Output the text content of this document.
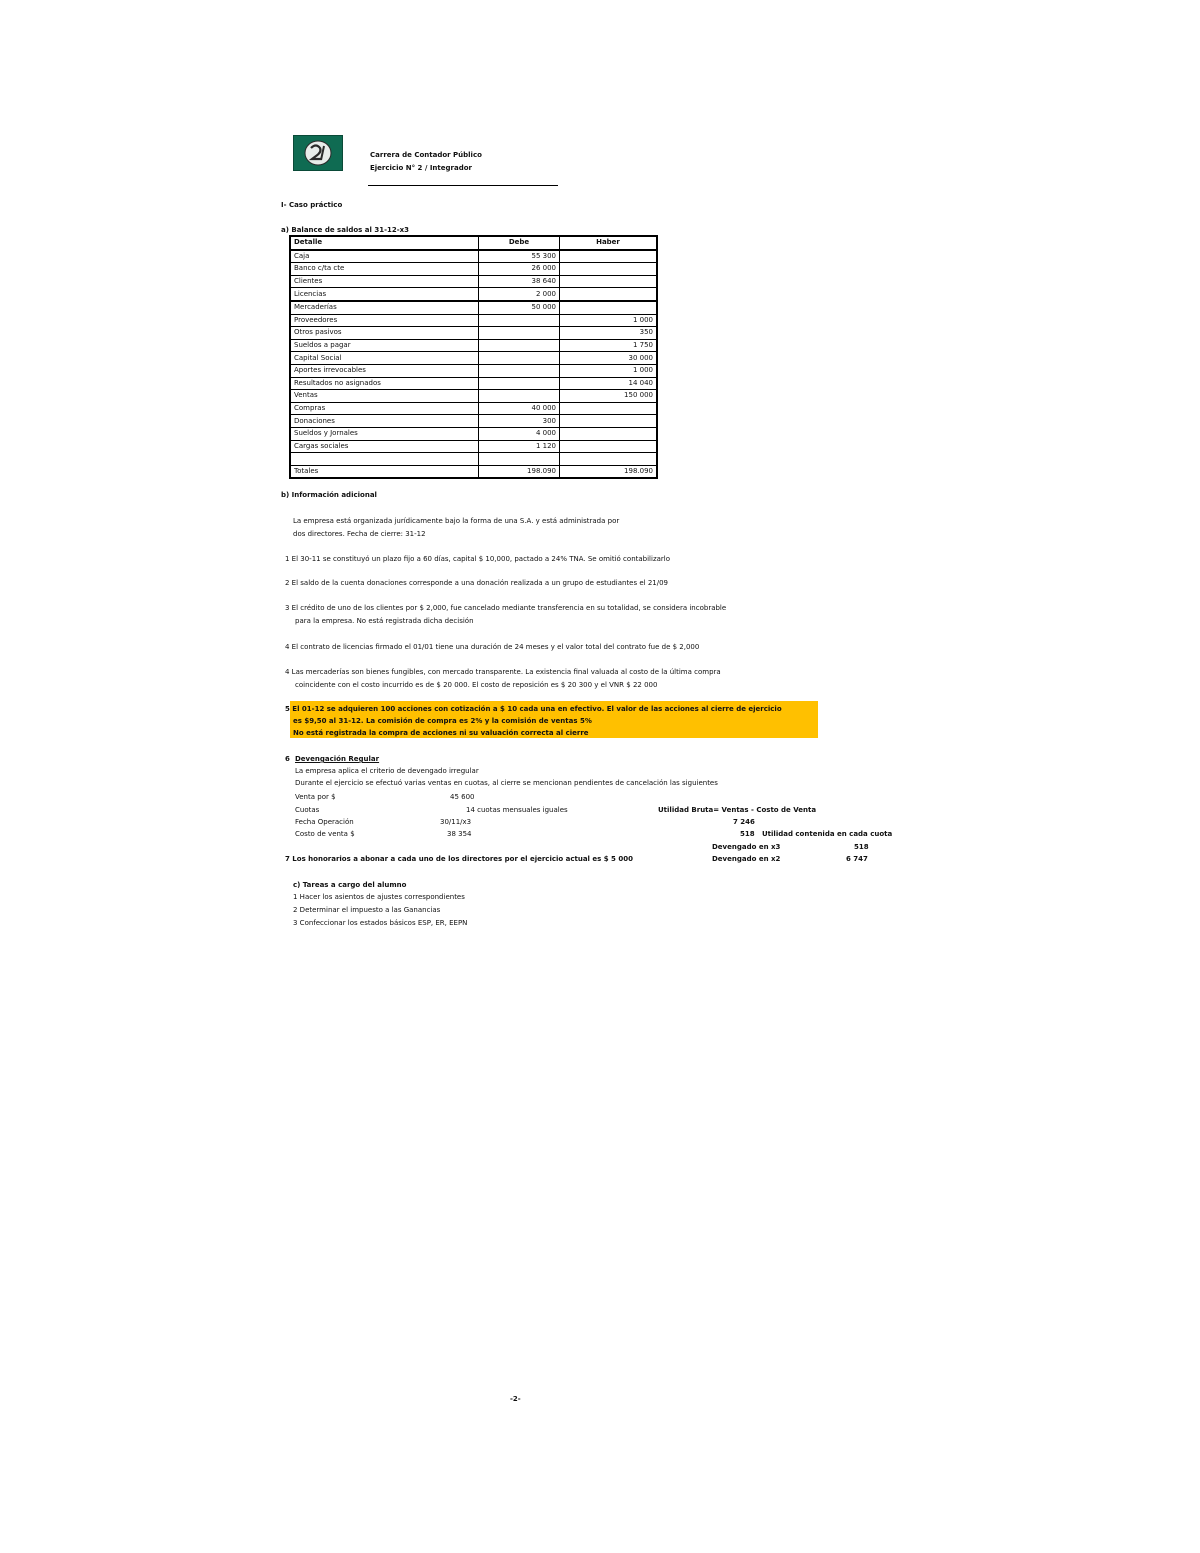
Carrera de Contador Público
Ejercicio N° 2 / Integrador
I- Caso práctico
a) Balance de saldos al 31-12-x3
Detalle	Debe	Haber
Caja	55 300	
Banco c/ta cte	26 000	
Clientes	38 640	
Licencias	2 000	
Mercaderías	50 000	
Proveedores		1 000
Otros pasivos		350
Sueldos a pagar		1 750
Capital Social		30 000
Aportes irrevocables		1 000
Resultados no asignados		14 040
Ventas		150 000
Compras	40 000	
Donaciones	300	
Sueldos y Jornales	4 000	
Cargas sociales	1 120	

Totales	198.090	198.090
b) Información adicional
La empresa está organizada jurídicamente bajo la forma de una S.A. y está administrada por
dos directores. Fecha de cierre: 31-12
1 El 30-11 se constituyó un plazo fijo a 60 días, capital $ 10,000, pactado a 24% TNA. Se omitió contabilizarlo
2 El saldo de la cuenta donaciones corresponde a una donación realizada a un grupo de estudiantes el 21/09
3 El crédito de uno de los clientes por $ 2,000, fue cancelado mediante transferencia en su totalidad, se considera incobrable
para la empresa. No está registrada dicha decisión
4 El contrato de licencias firmado el 01/01 tiene una duración de 24 meses y el valor total del contrato fue de $ 2,000
4 Las mercaderías son bienes fungibles, con mercado transparente. La existencia final valuada al costo de la última compra
coincidente con el costo incurrido es de $ 20 000. El costo de reposición es $ 20 300 y el VNR $ 22 000
5 El 01-12 se adquieren 100 acciones con cotización a $ 10 cada una en efectivo. El valor de las acciones al cierre de ejercicio
es $9,50 al 31-12. La comisión de compra es 2% y la comisión de ventas 5%
No está registrada la compra de acciones ni su valuación correcta al cierre
6 Devengación Regular
La empresa aplica el criterio de devengado irregular
Durante el ejercicio se efectuó varias ventas en cuotas, al cierre se mencionan pendientes de cancelación las siguientes
Venta por $	45 600
Cuotas	14 cuotas mensuales iguales	Utilidad Bruta= Ventas - Costo de Venta
Fecha Operación	30/11/x3	7 246
Costo de venta $	38 354	518 Utilidad contenida en cada cuota
Devengado en x3	518
7 Los honorarios a abonar a cada uno de los directores por el ejercicio actual es $ 5 000	Devengado en x2	6 747
c) Tareas a cargo del alumno
1 Hacer los asientos de ajustes correspondientes
2 Determinar el impuesto a las Ganancias
3 Confeccionar los estados básicos ESP, ER, EEPN
-2-
